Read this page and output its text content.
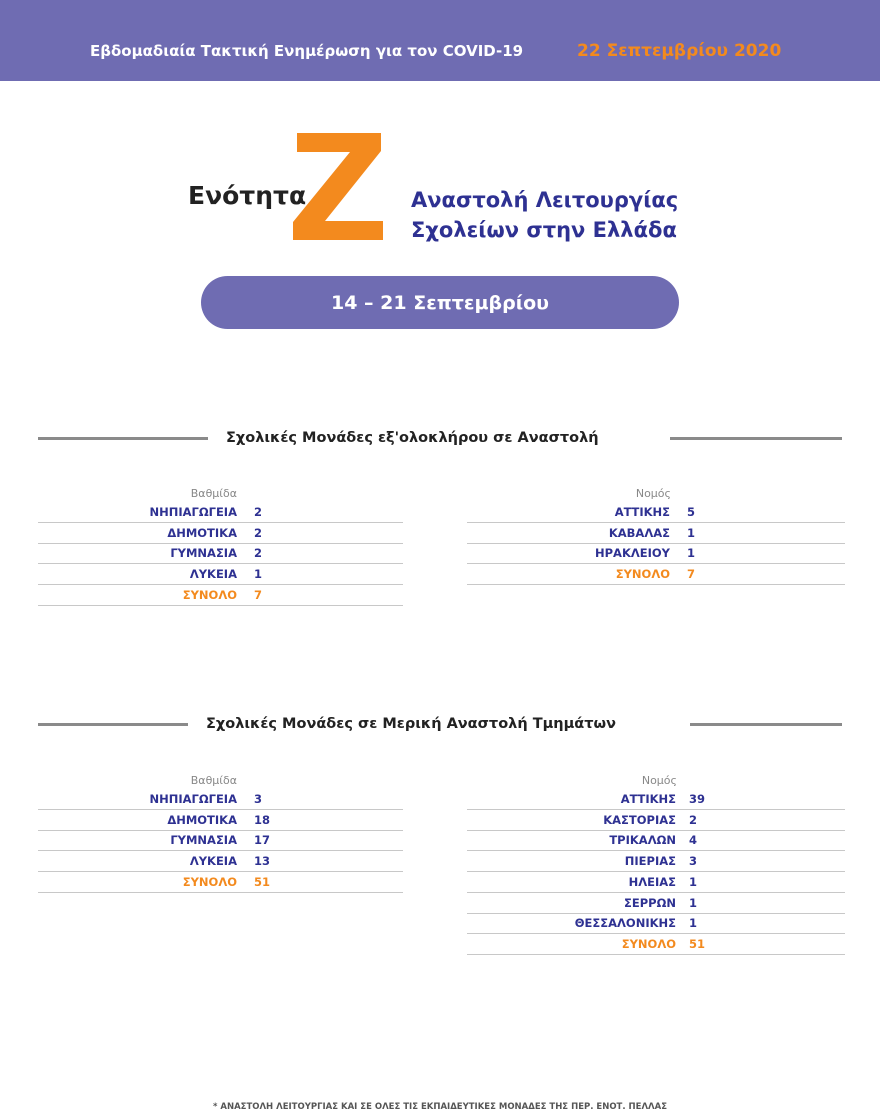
Εβδομαδιαία Τακτική Ενημέρωση για τον COVID-19	22 Σεπτεμβρίου 2020
Ενότητα	Αναστολή Λειτουργίας
Σχολείων στην Ελλάδα
14 – 21 Σεπτεμβρίου
Σχολικές Μονάδες εξ'ολοκλήρου σε Αναστολή
Βαθμίδα
ΝΗΠΙΑΓΩΓΕΙΑ 2
ΔΗΜΟΤΙΚΑ 2
ΓΥΜΝΑΣΙΑ 2
ΛΥΚΕΙΑ 1
ΣΥΝΟΛΟ 7
Νομός
ΑΤΤΙΚΗΣ 5
ΚΑΒΑΛΑΣ 1
ΗΡΑΚΛΕΙΟΥ 1
ΣΥΝΟΛΟ 7
Σχολικές Μονάδες σε Μερική Αναστολή Τμημάτων
Βαθμίδα
ΝΗΠΙΑΓΩΓΕΙΑ 3
ΔΗΜΟΤΙΚΑ 18
ΓΥΜΝΑΣΙΑ 17
ΛΥΚΕΙΑ 13
ΣΥΝΟΛΟ 51
Νομός
ΑΤΤΙΚΗΣ 39
ΚΑΣΤΟΡΙΑΣ 2
ΤΡΙΚΑΛΩΝ 4
ΠΙΕΡΙΑΣ 3
ΗΛΕΙΑΣ 1
ΣΕΡΡΩΝ 1
ΘΕΣΣΑΛΟΝΙΚΗΣ 1
ΣΥΝΟΛΟ 51
* ΑΝΑΣΤΟΛΗ ΛΕΙΤΟΥΡΓΙΑΣ ΚΑΙ ΣΕ ΟΛΕΣ ΤΙΣ ΕΚΠΑΙΔΕΥΤΙΚΕΣ ΜΟΝΑΔΕΣ ΤΗΣ ΠΕΡ. ΕΝΟΤ. ΠΕΛΛΑΣ
